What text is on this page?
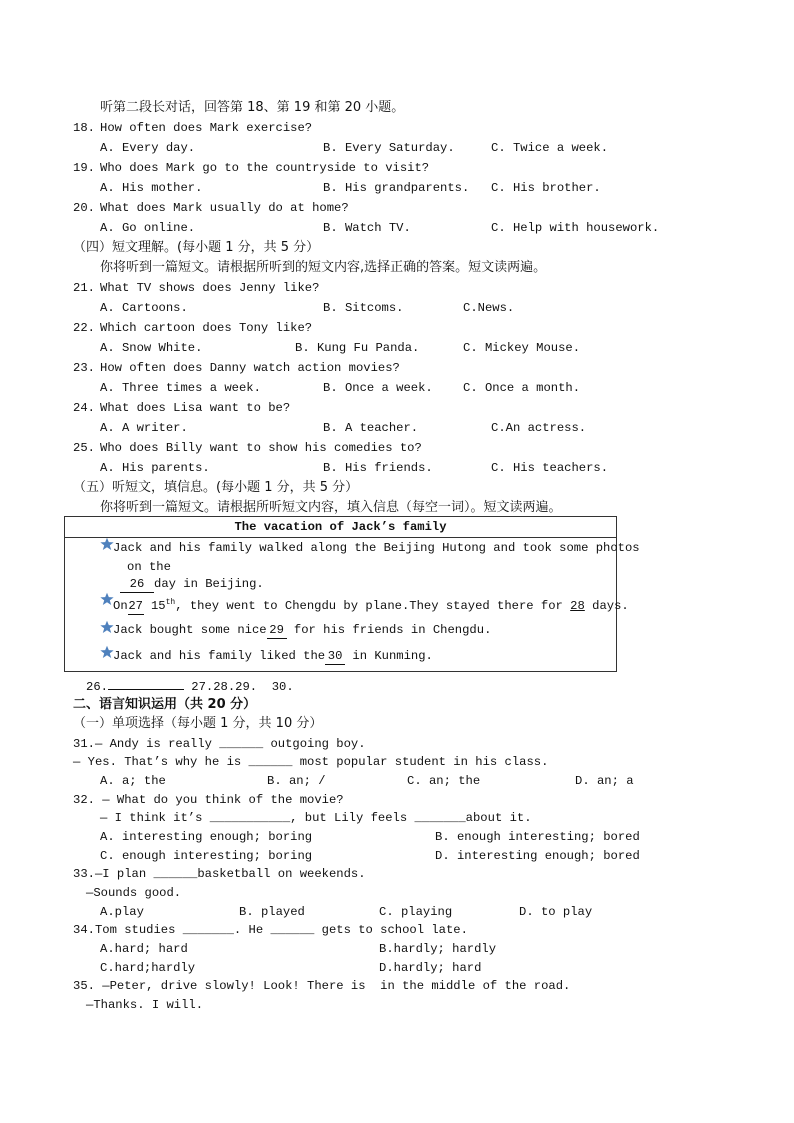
听第二段长对话，回答第 18、第 19 和第 20 小题。
18. How often does Mark exercise?
A. Every day.	B. Every Saturday.	C. Twice a week.
19. Who does Mark go to the countryside to visit?
A. His mother.	B. His grandparents. C. His brother.
20. What does Mark usually do at home?
A. Go online.	B. Watch TV.	C. Help with housework.
（四）短文理解。(每小题 1 分，共 5 分）
你将听到一篇短文。请根据所听到的短文内容,选择正确的答案。短文读两遍。
21. What TV shows does Jenny like?
A. Cartoons.	B. Sitcoms.	C.News.
22. Which cartoon does Tony like?
A. Snow White.	B. Kung Fu Panda.	C. Mickey Mouse.
23. How often does Danny watch action movies?
A. Three times a week.	B. Once a week. C. Once a month.
24. What does Lisa want to be?
A. A writer.	B. A teacher.	C.An actress.
25. Who does Billy want to show his comedies to?
A. His parents.	B. His friends.	C. His teachers.
（五）听短文，填信息。(每小题 1 分，共 5 分）
你将听到一篇短文。请根据所听短文内容，填入信息（每空一词）。短文读两遍。
The vacation of Jack’s family
Jack and his family walked along the Beijing Hutong and took some photos
on the
26 day in Beijing.
On27 15th, they went to Chengdu by plane.They stayed there for 28 days.
Jack bought some nice 29 for his friends in Chengdu.
Jack and his family liked the 30 in Kunming.
26.	27.28.29.  30.
二、语言知识运用（共 20 分）
（一）单项选择（每小题 1 分，共 10 分）
31.— Andy is really ______ outgoing boy.
— Yes. That’s why he is ______ most popular student in his class.
A. a; the	B. an; /	C. an; the	D. an; a
32. — What do you think of the movie?
— I think it’s ___________, but Lily feels _______about it.
A. interesting enough; boring	B. enough interesting; bored
C. enough interesting; boring	D. interesting enough; bored
33.—I plan ______basketball on weekends.
—Sounds good.
A.play	B. played	C. playing	D. to play
34.Tom studies _______. He ______ gets to school late.
A.hard; hard	B.hardly; hardly
C.hard;hardly	D.hardly; hard
35. —Peter, drive slowly! Look! There is  in the middle of the road.
—Thanks. I will.
